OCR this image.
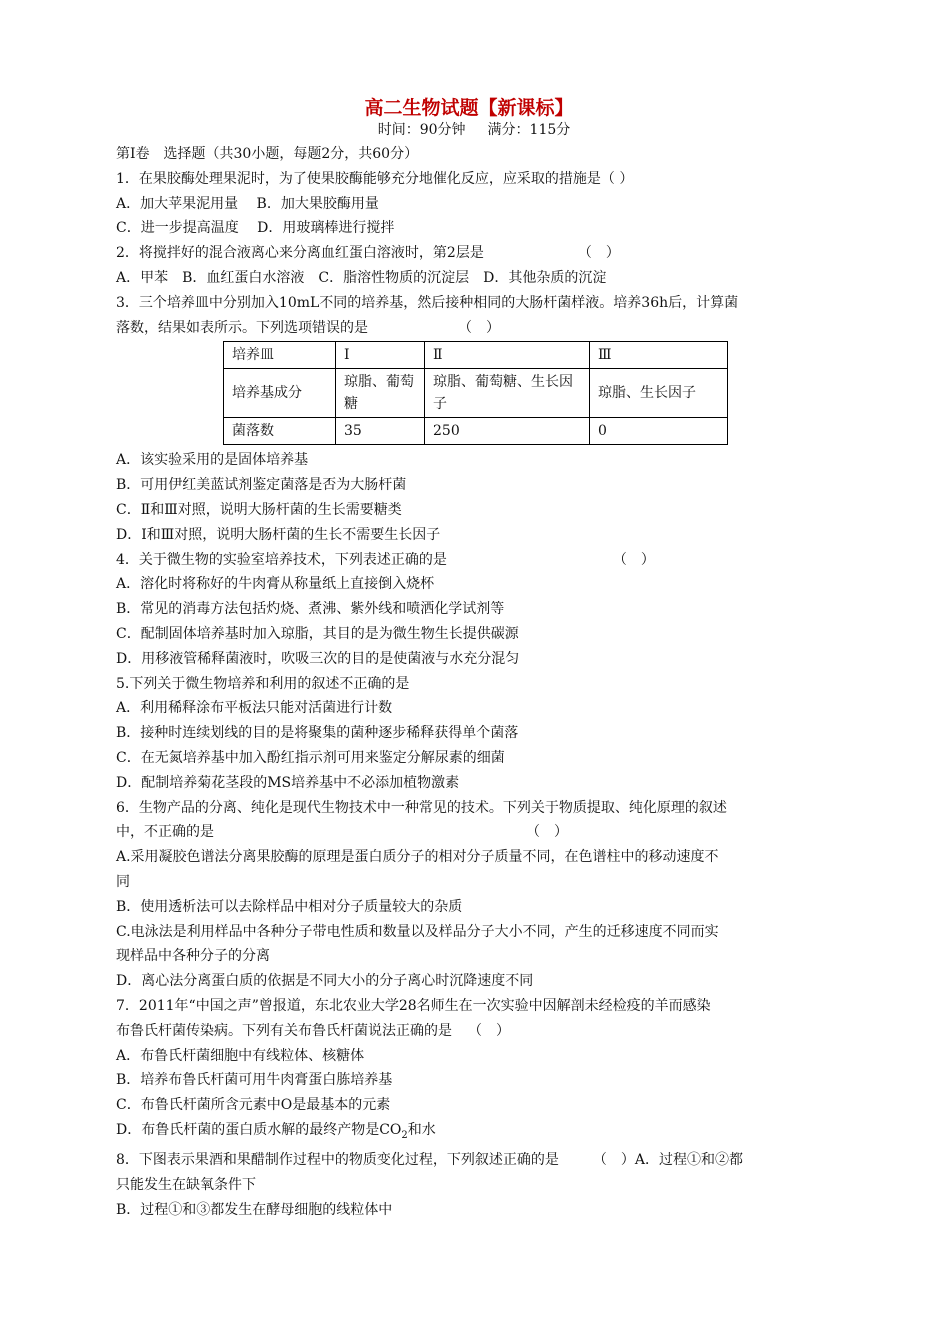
高二生物试题【新课标】
时间：90分钟 满分：115分

第Ⅰ卷　选择题（共30小题，每题2分，共60分）

1．在果胶酶处理果泥时，为了使果胶酶能够充分地催化反应，应采取的措施是（ ）

A．加大苹果泥用量　 B．加大果胶酶用量

C．进一步提高温度　 D．用玻璃棒进行搅拌

2．将搅拌好的混合液离心来分离血红蛋白溶液时，第2层是	（　）

A．甲苯　B．血红蛋白水溶液　C．脂溶性物质的沉淀层　D．其他杂质的沉淀

3．三个培养皿中分别加入10mL不同的培养基，然后接种相同的大肠杆菌样液。培养36h后，计算菌

落数，结果如表所示。下列选项错误的是	（　）

培养皿	Ⅰ	Ⅱ	Ⅲ
培养基成分	琼脂、葡萄糖	琼脂、葡萄糖、生长因子	琼脂、生长因子
菌落数	35	250	0

A．该实验采用的是固体培养基

B．可用伊红美蓝试剂鉴定菌落是否为大肠杆菌

C．Ⅱ和Ⅲ对照，说明大肠杆菌的生长需要糖类

D．Ⅰ和Ⅲ对照，说明大肠杆菌的生长不需要生长因子

4．关于微生物的实验室培养技术，下列表述正确的是	（　）

A．溶化时将称好的牛肉膏从称量纸上直接倒入烧杯

B．常见的消毒方法包括灼烧、煮沸、紫外线和喷洒化学试剂等

C．配制固体培养基时加入琼脂，其目的是为微生物生长提供碳源

D．用移液管稀释菌液时，吹吸三次的目的是使菌液与水充分混匀

5.下列关于微生物培养和利用的叙述不正确的是

A．利用稀释涂布平板法只能对活菌进行计数

B．接种时连续划线的目的是将聚集的菌种逐步稀释获得单个菌落

C．在无氮培养基中加入酚红指示剂可用来鉴定分解尿素的细菌

D．配制培养菊花茎段的MS培养基中不必添加植物激素

6．生物产品的分离、纯化是现代生物技术中一种常见的技术。下列关于物质提取、纯化原理的叙述

中，不正确的是	（　）

A.采用凝胶色谱法分离果胶酶的原理是蛋白质分子的相对分子质量不同，在色谱柱中的移动速度不

同

B．使用透析法可以去除样品中相对分子质量较大的杂质

C.电泳法是利用样品中各种分子带电性质和数量以及样品分子大小不同，产生的迁移速度不同而实

现样品中各种分子的分离

D．离心法分离蛋白质的依据是不同大小的分子离心时沉降速度不同

7．2011年“中国之声”曾报道，东北农业大学28名师生在一次实验中因解剖未经检疫的羊而感染

布鲁氏杆菌传染病。下列有关布鲁氏杆菌说法正确的是 （　）

A．布鲁氏杆菌细胞中有线粒体、核糖体

B．培养布鲁氏杆菌可用牛肉膏蛋白胨培养基

C．布鲁氏杆菌所含元素中O是最基本的元素

D．布鲁氏杆菌的蛋白质水解的最终产物是$CO_2$和水

8．下图表示果酒和果醋制作过程中的物质变化过程，下列叙述正确的是 （　）A．过程①和②都

只能发生在缺氧条件下

B．过程①和③都发生在酵母细胞的线粒体中
